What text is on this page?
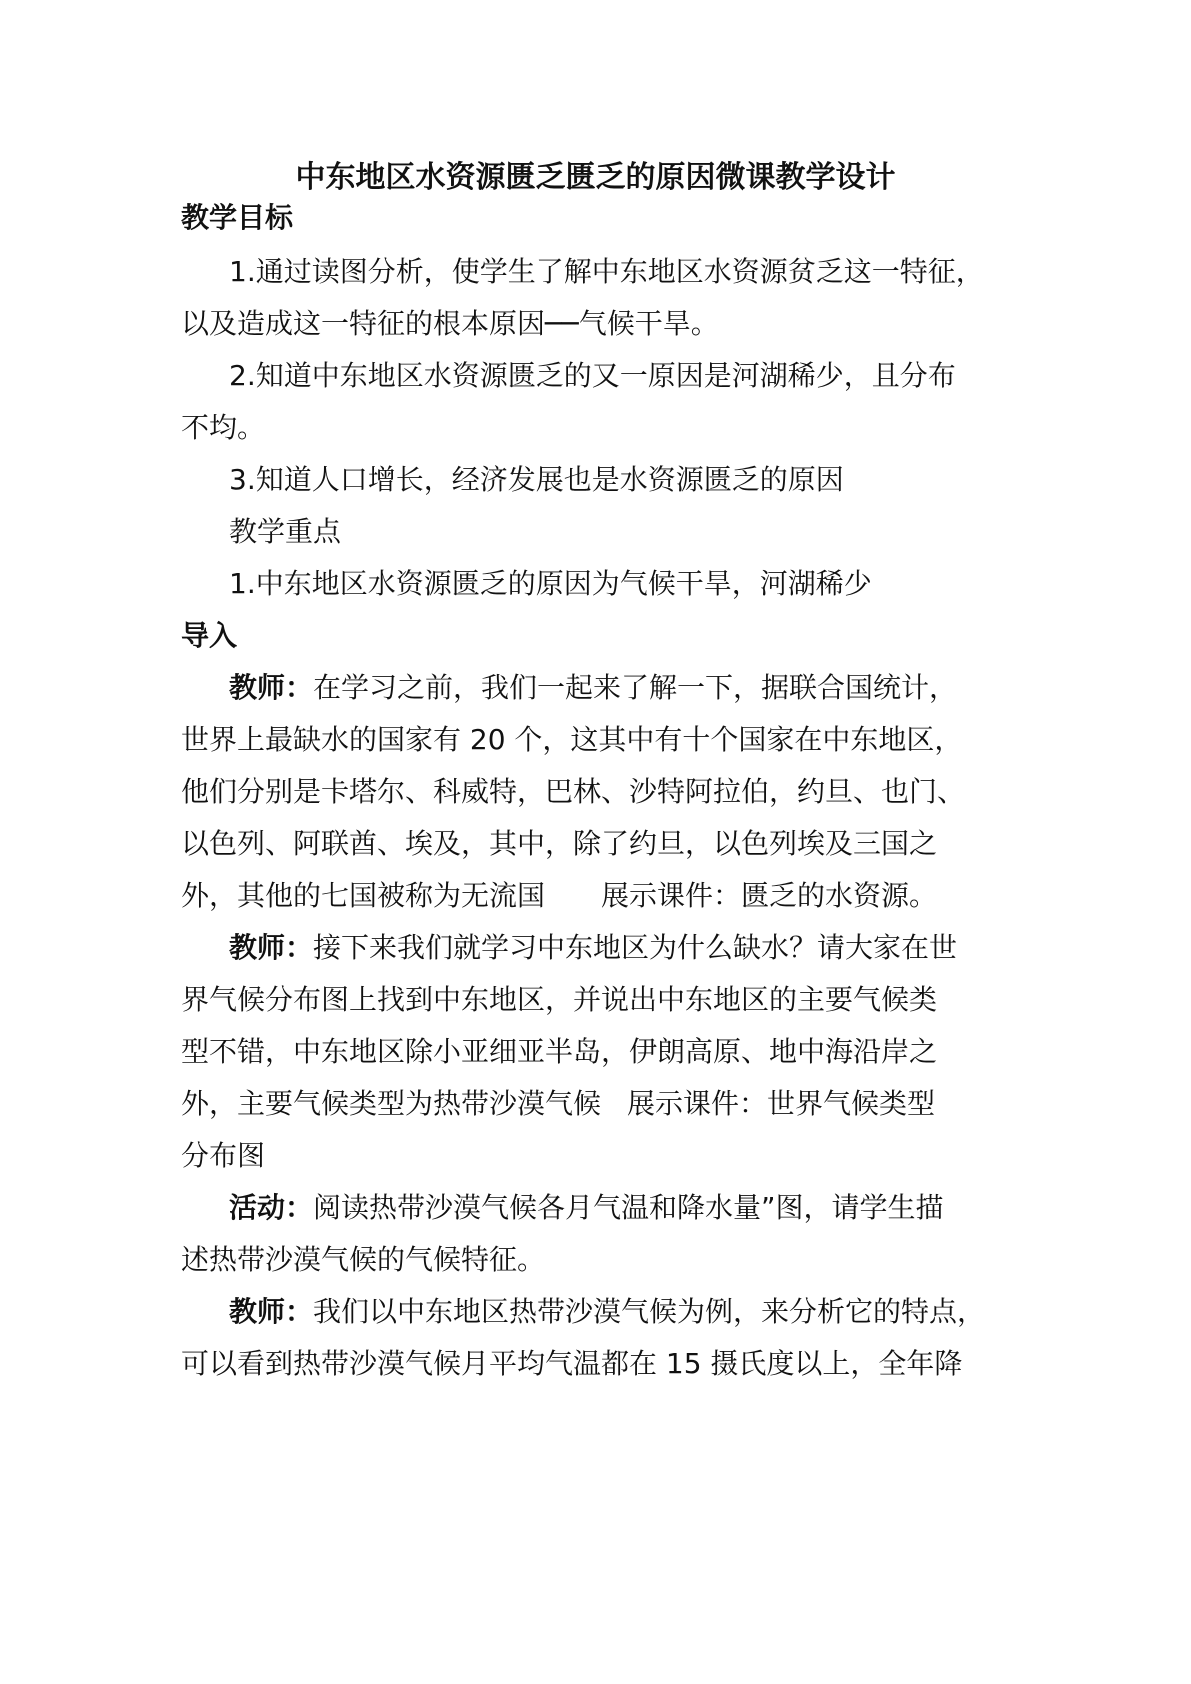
中东地区水资源匮乏匮乏的原因微课教学设计
教学目标
1.通过读图分析，使学生了解中东地区水资源贫乏这一特征，
以及造成这一特征的根本原因──气候干旱。
2.知道中东地区水资源匮乏的又一原因是河湖稀少，且分布
不均。
3.知道人口增长，经济发展也是水资源匮乏的原因
教学重点
1.中东地区水资源匮乏的原因为气候干旱，河湖稀少
导入
教师：在学习之前，我们一起来了解一下，据联合国统计，
世界上最缺水的国家有 20 个，这其中有十个国家在中东地区，
他们分别是卡塔尔、科威特，巴林、沙特阿拉伯，约旦、也门、
以色列、阿联酋、埃及，其中，除了约旦，以色列埃及三国之
外，其他的七国被称为无流国 展示课件：匮乏的水资源。
教师：接下来我们就学习中东地区为什么缺水？请大家在世
界气候分布图上找到中东地区，并说出中东地区的主要气候类
型不错，中东地区除小亚细亚半岛，伊朗高原、地中海沿岸之
外，主要气候类型为热带沙漠气候 展示课件：世界气候类型
分布图
活动：阅读热带沙漠气候各月气温和降水量”图，请学生描
述热带沙漠气候的气候特征。
教师：我们以中东地区热带沙漠气候为例，来分析它的特点，
可以看到热带沙漠气候月平均气温都在 15 摄氏度以上，全年降
